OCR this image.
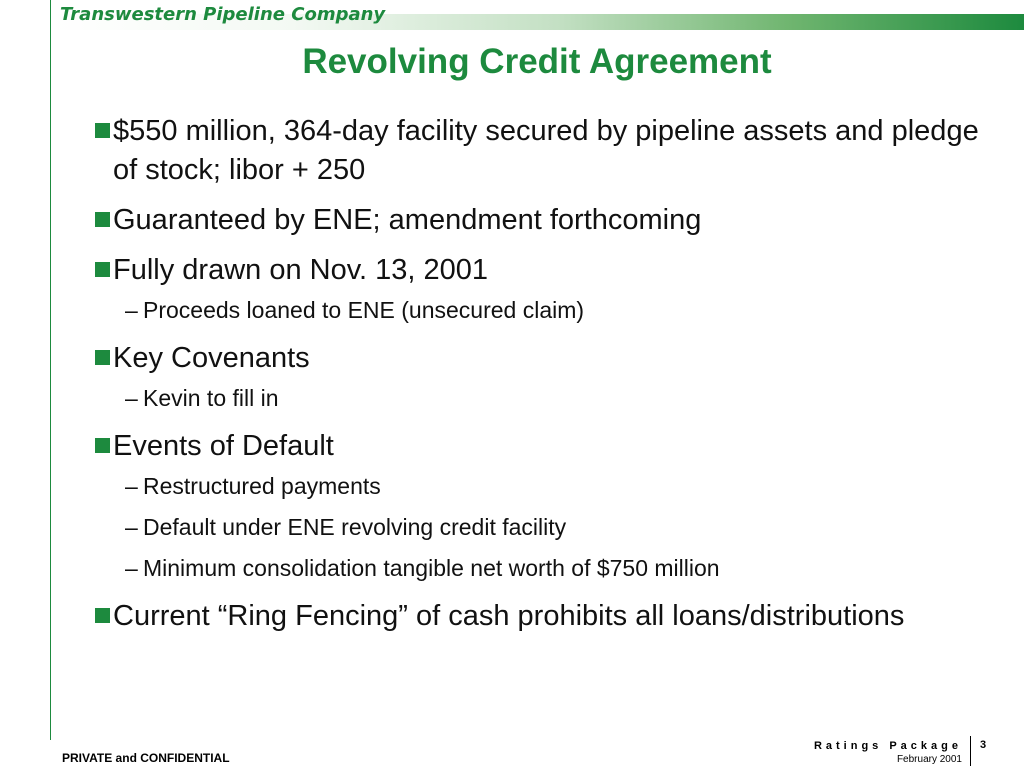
Transwestern Pipeline Company
Revolving Credit Agreement
$550 million, 364-day facility secured by pipeline assets and pledge of stock; libor + 250
Guaranteed by ENE; amendment forthcoming
Fully drawn on Nov. 13, 2001
– Proceeds loaned to ENE (unsecured claim)
Key Covenants
– Kevin to fill in
Events of Default
– Restructured payments
– Default under ENE revolving credit facility
– Minimum consolidation tangible net worth of $750 million
Current “Ring Fencing” of cash prohibits all loans/distributions
PRIVATE and CONFIDENTIAL
Ratings Package
February 2001
3
